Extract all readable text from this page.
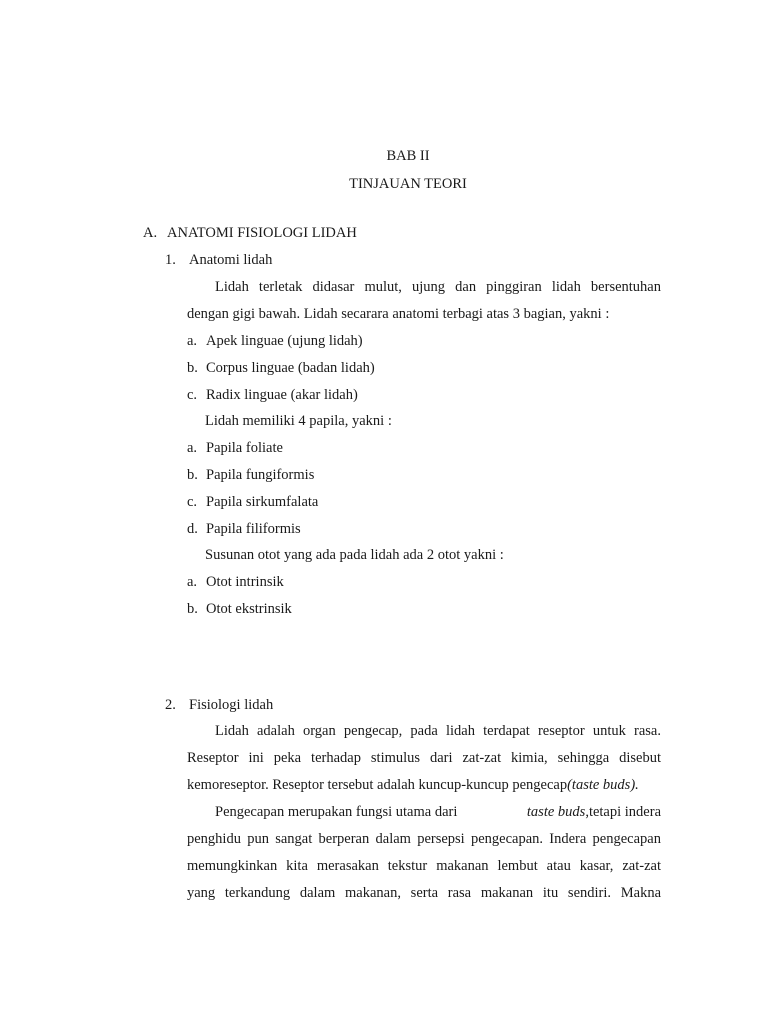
BAB II
TINJAUAN TEORI
A. ANATOMI FISIOLOGI LIDAH
1. Anatomi lidah
Lidah terletak didasar mulut, ujung dan pinggiran lidah bersentuhan
dengan gigi bawah. Lidah secarara anatomi terbagi atas 3 bagian, yakni :
a. Apek linguae (ujung lidah)
b. Corpus linguae (badan lidah)
c. Radix linguae (akar lidah)
Lidah memiliki 4 papila, yakni :
a. Papila foliate
b. Papila fungiformis
c. Papila sirkumfalata
d. Papila filiformis
Susunan otot yang ada pada lidah ada 2 otot yakni :
a. Otot intrinsik
b. Otot ekstrinsik
2. Fisiologi lidah
Lidah adalah organ pengecap, pada lidah terdapat reseptor untuk rasa.
Reseptor ini peka terhadap stimulus dari zat-zat kimia, sehingga disebut
kemoreseptor. Reseptor tersebut adalah kuncup-kuncup pengecap(taste buds).
Pengecapan merupakan fungsi utama dari	taste buds,tetapi indera
penghidu pun sangat berperan dalam persepsi pengecapan. Indera pengecapan
memungkinkan kita merasakan tekstur makanan lembut atau kasar, zat-zat
yang terkandung dalam makanan, serta rasa makanan itu sendiri. Makna
